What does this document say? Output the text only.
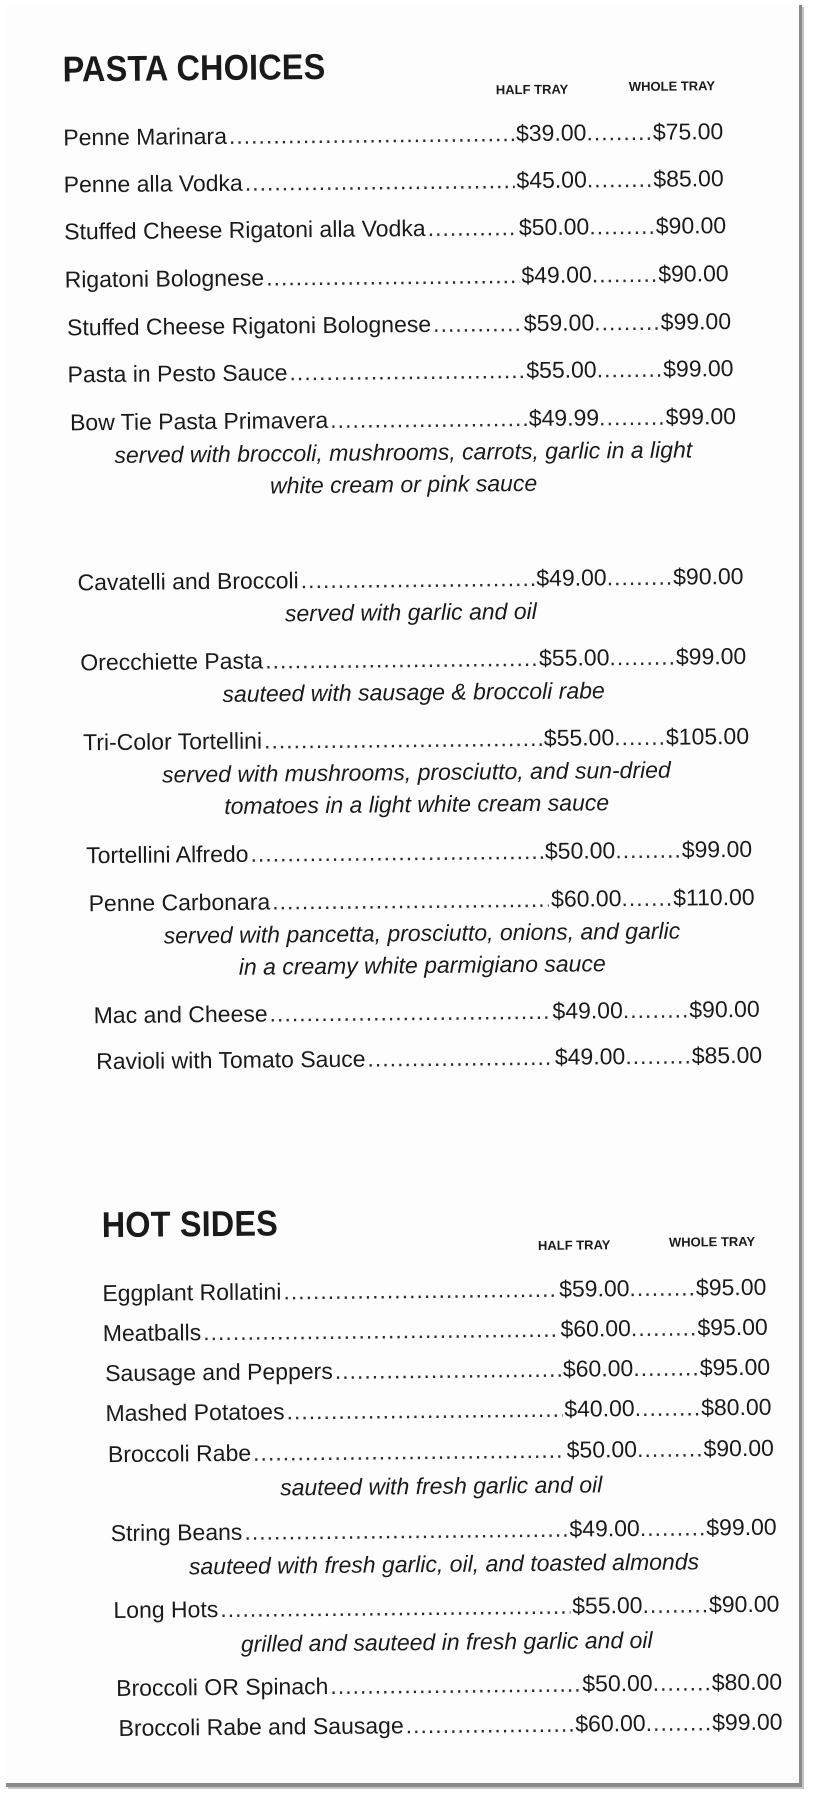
PASTA CHOICES	HALF TRAY	WHOLE TRAY
Penne Marinara .....	$39.00 ......... $75.00
Penne alla Vodka .....	$45.00 ......... $85.00
Stuffed Cheese Rigatoni alla Vodka .....	$50.00 ......... $90.00
Rigatoni Bolognese .....	$49.00 ......... $90.00
Stuffed Cheese Rigatoni Bolognese .....	$59.00 ......... $99.00
Pasta in Pesto Sauce .....	$55.00 ......... $99.00
Bow Tie Pasta Primavera .....	$49.99 ......... $99.00
served with broccoli, mushrooms, carrots, garlic in a light
white cream or pink sauce
Cavatelli and Broccoli .....	$49.00 ......... $90.00
served with garlic and oil
Orecchiette Pasta .....	$55.00 ......... $99.00
sauteed with sausage & broccoli rabe
Tri-Color Tortellini .....	$55.00 ....... $105.00
served with mushrooms, prosciutto, and sun-dried
tomatoes in a light white cream sauce
Tortellini Alfredo .....	$50.00 ......... $99.00
Penne Carbonara .....	$60.00 ....... $110.00
served with pancetta, prosciutto, onions, and garlic
in a creamy white parmigiano sauce
Mac and Cheese .....	$49.00 ......... $90.00
Ravioli with Tomato Sauce .....	$49.00 ......... $85.00
HOT SIDES	HALF TRAY	WHOLE TRAY
Eggplant Rollatini .....	$59.00 ......... $95.00
Meatballs .....	$60.00 ......... $95.00
Sausage and Peppers .....	$60.00 ......... $95.00
Mashed Potatoes .....	$40.00 ......... $80.00
Broccoli Rabe .....	$50.00 ......... $90.00
sauteed with fresh garlic and oil
String Beans .....	$49.00 ......... $99.00
sauteed with fresh garlic, oil, and toasted almonds
Long Hots .....	$55.00 ......... $90.00
grilled and sauteed in fresh garlic and oil
Broccoli OR Spinach .....	$50.00 ........ $80.00
Broccoli Rabe and Sausage .....	$60.00 ......... $99.00
